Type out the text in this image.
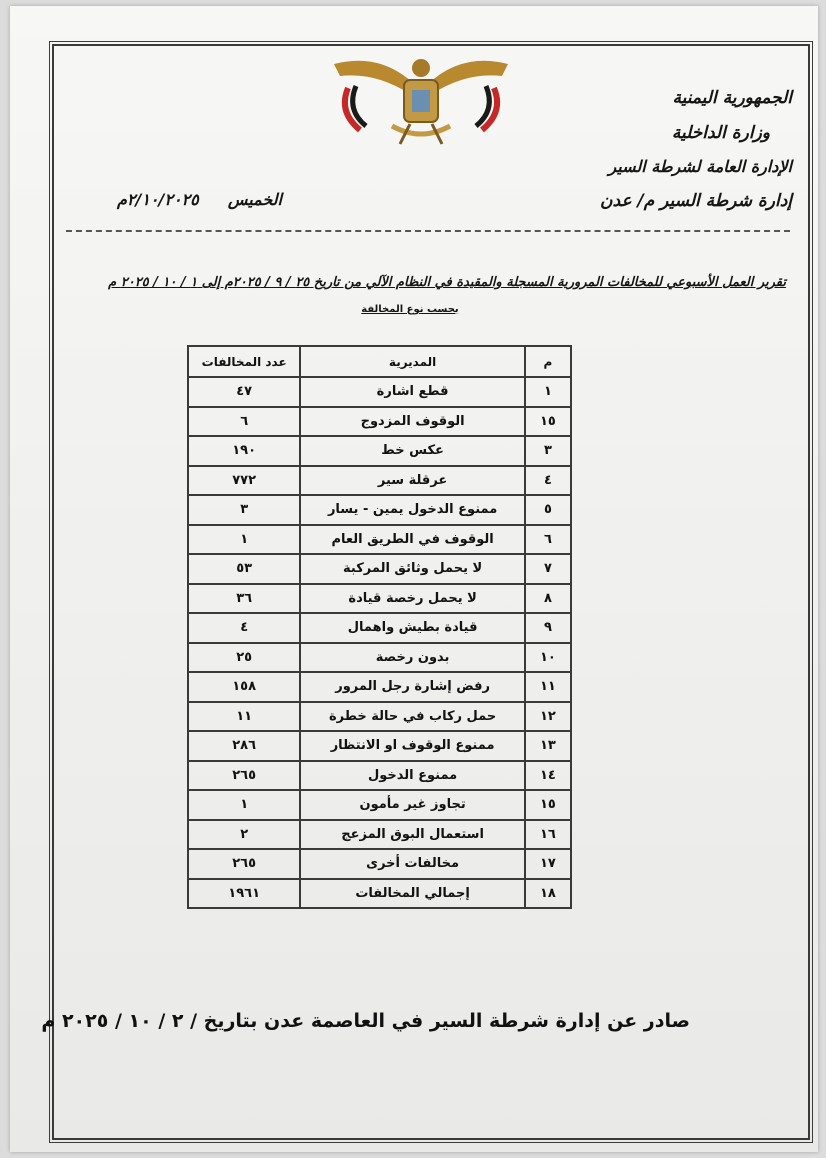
الجمهورية اليمنية
وزارة الداخلية
الإدارة العامة لشرطة السير
إدارة شرطة السير م/ عدن
الخميس  ٢/١٠/٢٠٢٥م
تقرير العمل الأسبوعي للمخالفات المرورية المسجلة والمقيدة في النظام الآلي من تاريخ ٢٥ / ٩ / ٢٠٢٥م إلى ١ / ١٠ / ٢٠٢٥ م
بحسب نوع المخالفة
م	المديرية	عدد المخالفات
١	قطع اشارة	٤٧
١٥	الوقوف المزدوج	٦
٣	عكس خط	١٩٠
٤	عرقلة سير	٧٧٢
٥	ممنوع الدخول يمين - يسار	٣
٦	الوقوف في الطريق العام	١
٧	لا يحمل وثائق المركبة	٥٣
٨	لا يحمل رخصة قيادة	٣٦
٩	قيادة بطيش واهمال	٤
١٠	بدون رخصة	٢٥
١١	رفض إشارة رجل المرور	١٥٨
١٢	حمل ركاب في حالة خطرة	١١
١٣	ممنوع الوقوف او الانتظار	٢٨٦
١٤	ممنوع الدخول	٢٦٥
١٥	تجاوز غير مأمون	١
١٦	استعمال البوق المزعج	٢
١٧	مخالفات أخرى	٢٦٥
١٨	إجمالي المخالفات	١٩٦١
صادر عن إدارة شرطة السير في العاصمة عدن بتاريخ / ٢ / ١٠ / ٢٠٢٥ م
